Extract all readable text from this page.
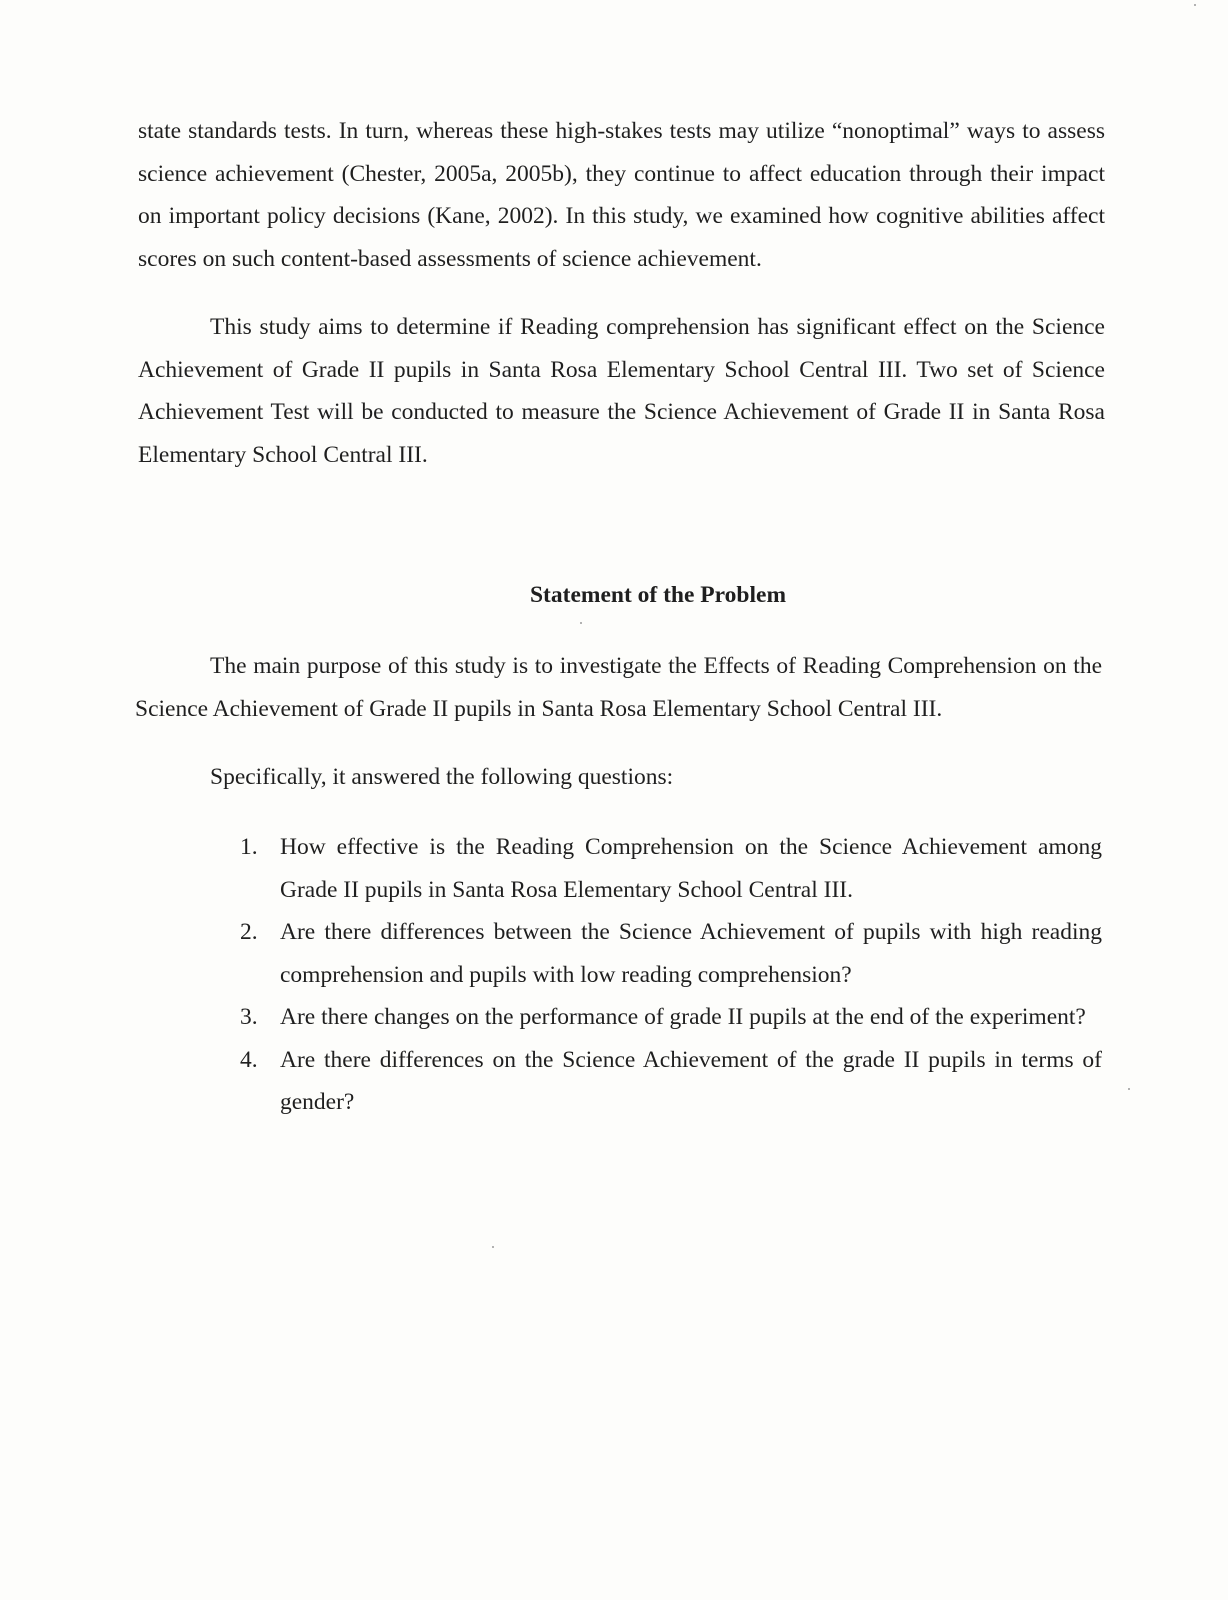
state standards tests. In turn, whereas these high-stakes tests may utilize “nonoptimal” ways to assess science achievement (Chester, 2005a, 2005b), they continue to affect education through their impact on important policy decisions (Kane, 2002). In this study, we examined how cognitive abilities affect scores on such content-based assessments of science achievement.

This study aims to determine if Reading comprehension has significant effect on the Science Achievement of Grade II pupils in Santa Rosa Elementary School Central III. Two set of Science Achievement Test will be conducted to measure the Science Achievement of Grade II in Santa Rosa Elementary School Central III.

Statement of the Problem

The main purpose of this study is to investigate the Effects of Reading Comprehension on the Science Achievement of Grade II pupils in Santa Rosa Elementary School Central III.

Specifically, it answered the following questions:

1. How effective is the Reading Comprehension on the Science Achievement among Grade II pupils in Santa Rosa Elementary School Central III.
2. Are there differences between the Science Achievement of pupils with high reading comprehension and pupils with low reading comprehension?
3. Are there changes on the performance of grade II pupils at the end of the experiment?
4. Are there differences on the Science Achievement of the grade II pupils in terms of gender?
